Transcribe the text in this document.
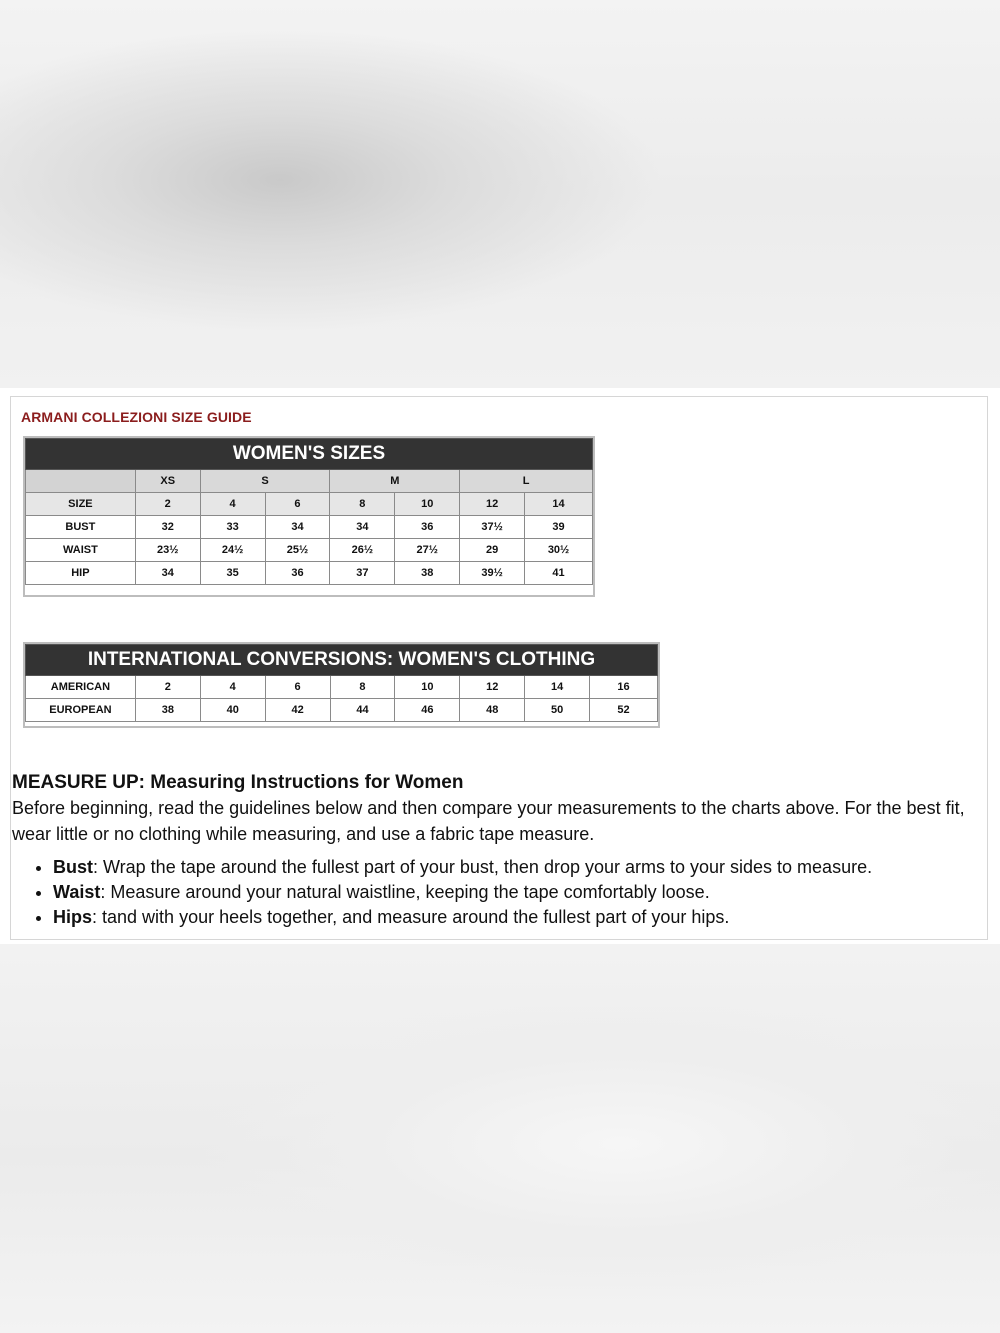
ARMANI COLLEZIONI SIZE GUIDE
WOMEN'S SIZES							
	XS	S		M		L	
SIZE	2	4	6	8	10	12	14
BUST	32	33	34	34	36	37½	39
WAIST	23½	24½	25½	26½	27½	29	30½
HIP	34	35	36	37	38	39½	41
INTERNATIONAL CONVERSIONS: WOMEN'S CLOTHING								
AMERICAN	2	4	6	8	10	12	14	16
EUROPEAN	38	40	42	44	46	48	50	52
MEASURE UP: Measuring Instructions for Women
Before beginning, read the guidelines below and then compare your measurements to the charts above. For the best fit, wear little or no clothing while measuring, and use a fabric tape measure.
• Bust: Wrap the tape around the fullest part of your bust, then drop your arms to your sides to measure.
• Waist: Measure around your natural waistline, keeping the tape comfortably loose.
• Hips: tand with your heels together, and measure around the fullest part of your hips.
